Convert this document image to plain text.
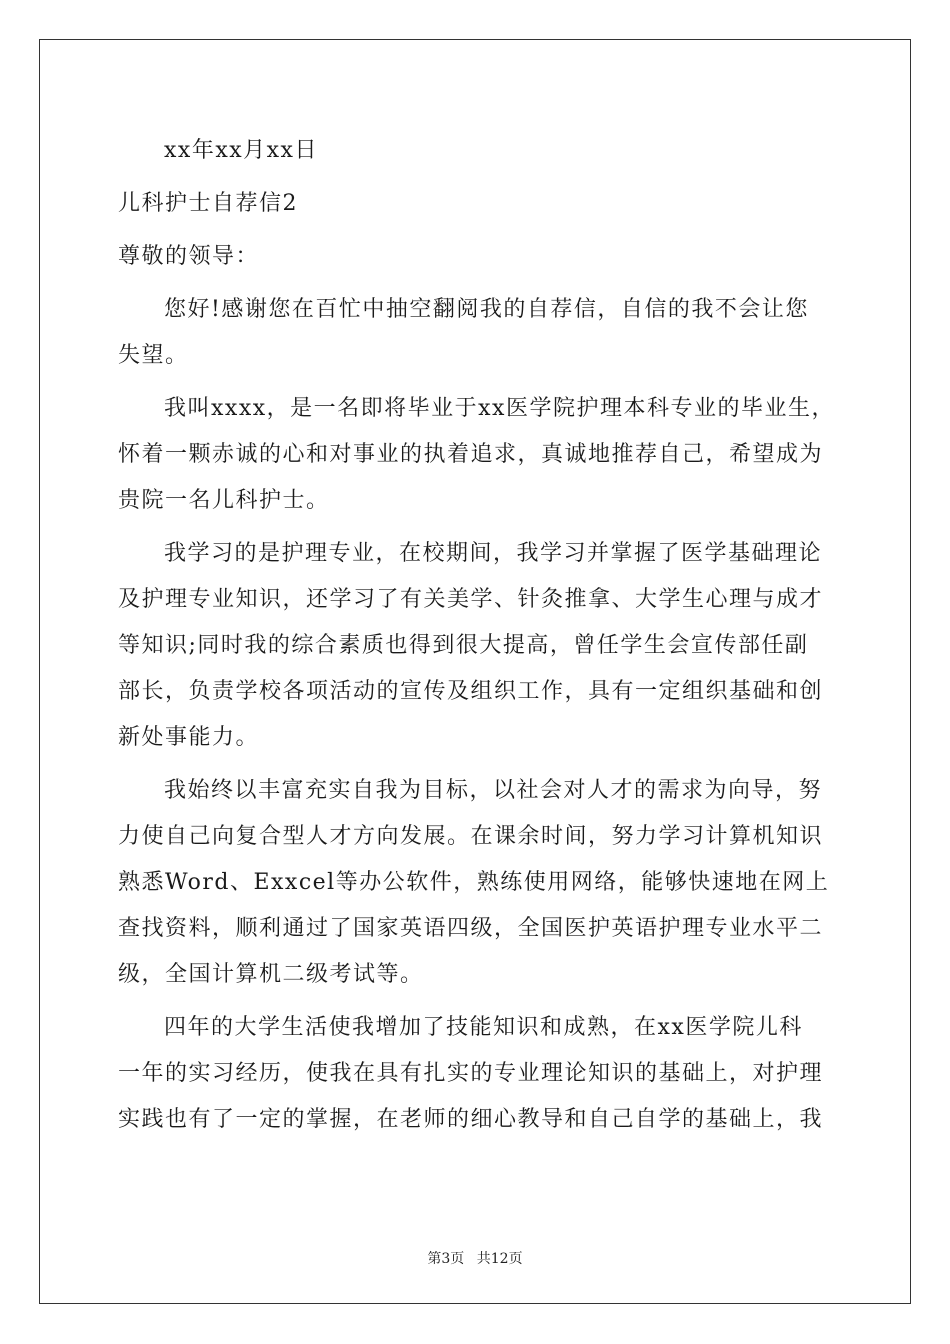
xx年xx月xx日

儿科护士自荐信2

尊敬的领导：

您好!感谢您在百忙中抽空翻阅我的自荐信，自信的我不会让您

失望。

我叫xxxx，是一名即将毕业于xx医学院护理本科专业的毕业生，

怀着一颗赤诚的心和对事业的执着追求，真诚地推荐自己，希望成为

贵院一名儿科护士。

我学习的是护理专业，在校期间，我学习并掌握了医学基础理论

及护理专业知识，还学习了有关美学、针灸推拿、大学生心理与成才

等知识;同时我的综合素质也得到很大提高，曾任学生会宣传部任副

部长，负责学校各项活动的宣传及组织工作，具有一定组织基础和创

新处事能力。

我始终以丰富充实自我为目标，以社会对人才的需求为向导，努

力使自己向复合型人才方向发展。在课余时间，努力学习计算机知识

熟悉Word、Exxcel等办公软件，熟练使用网络，能够快速地在网上

查找资料，顺利通过了国家英语四级，全国医护英语护理专业水平二

级，全国计算机二级考试等。

四年的大学生活使我增加了技能知识和成熟，在xx医学院儿科

一年的实习经历，使我在具有扎实的专业理论知识的基础上，对护理

实践也有了一定的掌握，在老师的细心教导和自己自学的基础上，我

第3页 共12页
